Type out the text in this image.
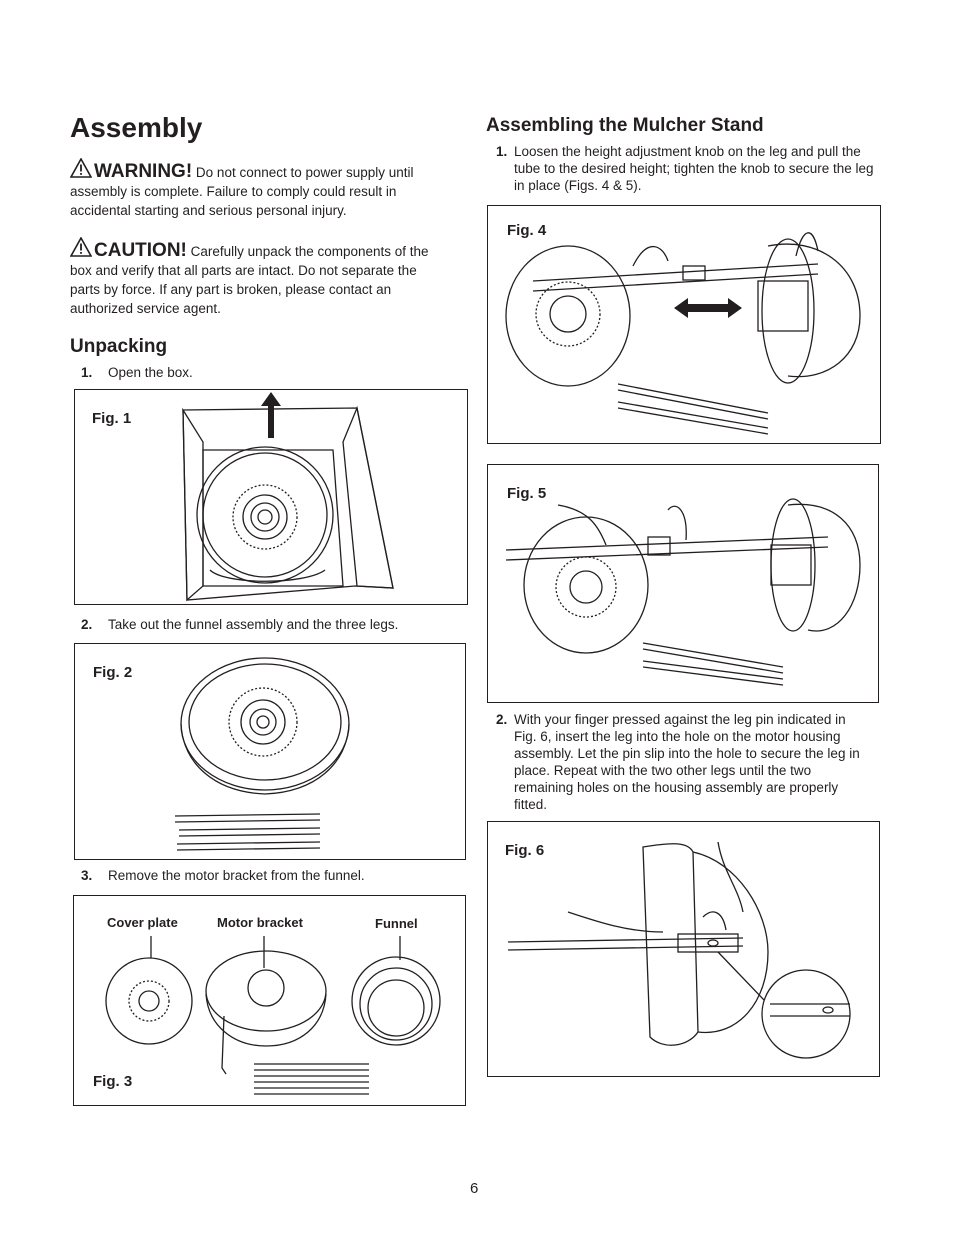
Assembly

WARNING! Do not connect to power supply until assembly is complete. Failure to comply could result in accidental starting and serious personal injury.

CAUTION! Carefully unpack the components of the box and verify that all parts are intact. Do not separate the parts by force. If any part is broken, please contact an authorized service agent.

Unpacking
1. Open the box.
Fig. 1
2. Take out the funnel assembly and the three legs.
Fig. 2
3. Remove the motor bracket from the funnel.
Cover plate	Motor bracket	Funnel
Fig. 3
Assembling the Mulcher Stand
1. Loosen the height adjustment knob on the leg and pull the tube to the desired height; tighten the knob to secure the leg in place (Figs. 4 & 5).
Fig. 4
Fig. 5
2. With your finger pressed against the leg pin indicated in Fig. 6, insert the leg into the hole on the motor housing assembly. Let the pin slip into the hole to secure the leg in place. Repeat with the two other legs until the two remaining holes on the housing assembly are properly fitted.
Fig. 6
6
